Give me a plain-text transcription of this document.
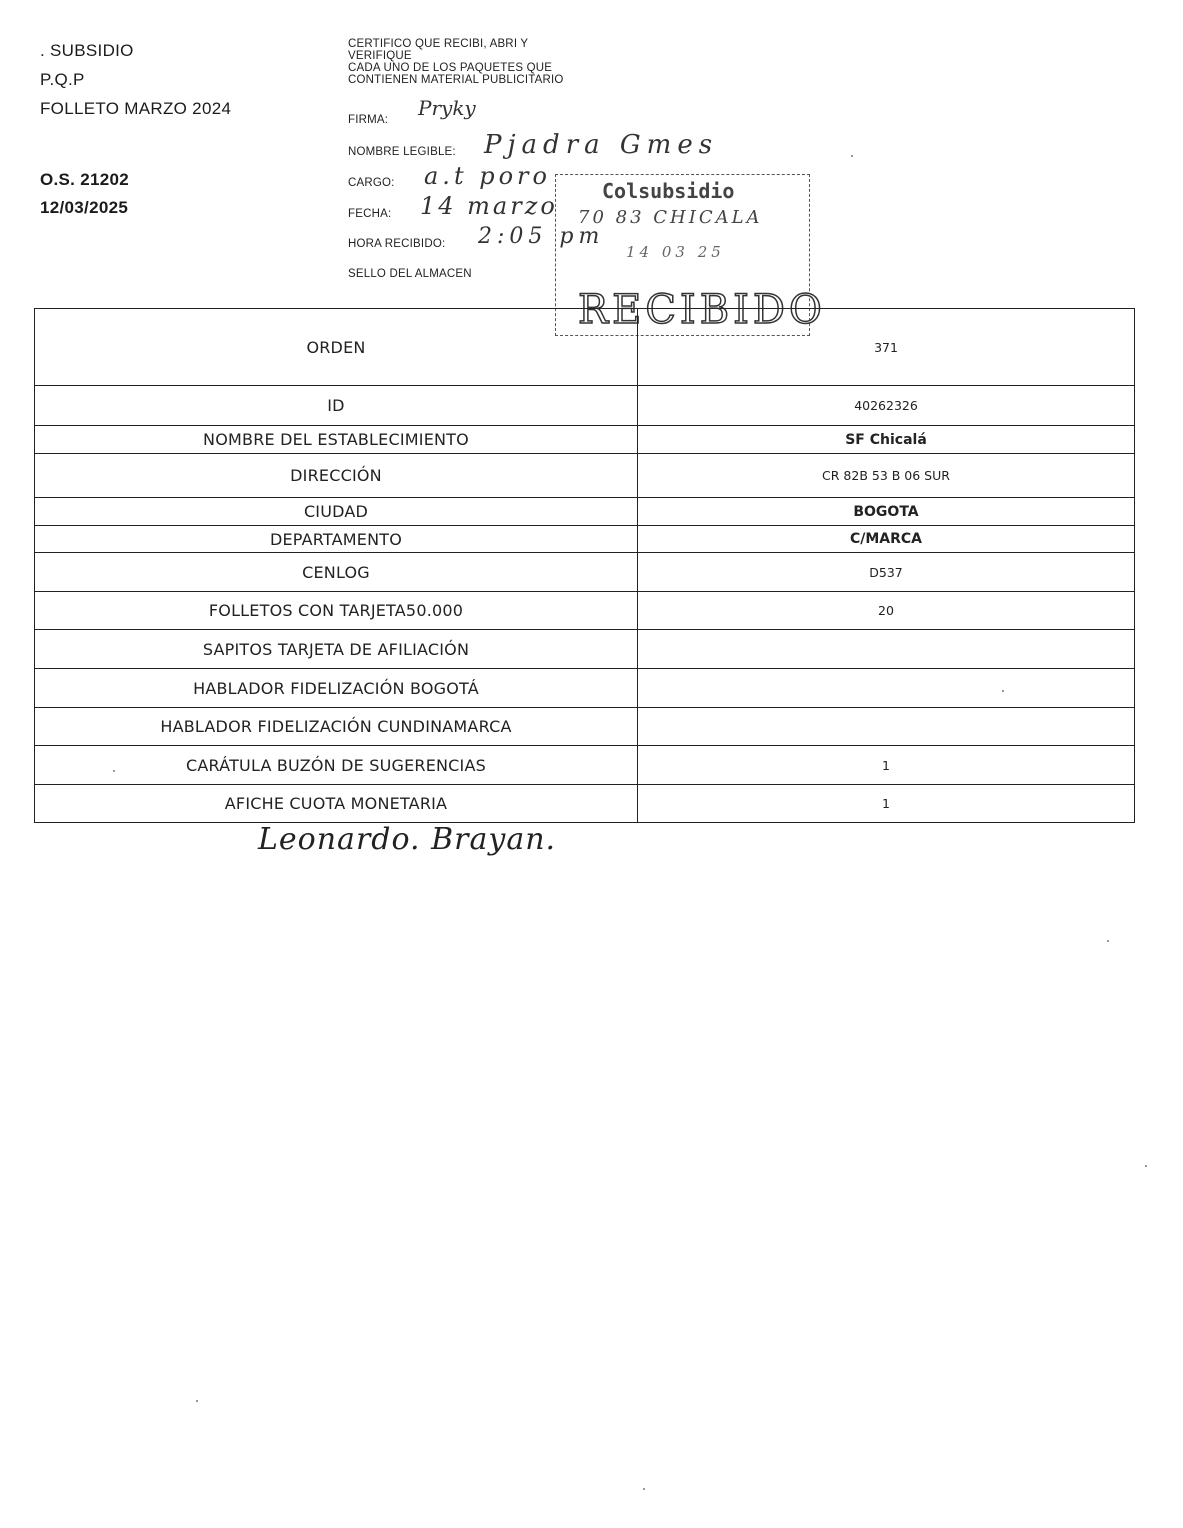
. SUBSIDIO
P.Q.P
FOLLETO MARZO 2024
O.S. 21202
12/03/2025
CERTIFICO QUE RECIBI, ABRI Y
VERIFIQUE
CADA UNO DE LOS PAQUETES QUE
CONTIENEN MATERIAL PUBLICITARIO
FIRMA: Pryky
NOMBRE LEGIBLE: Pjadra Gmes
CARGO: a.t poro
FECHA: 14 marzo
HORA RECIBIDO: 2:05 pm
SELLO DEL ALMACEN
Colsubsidio
70 83 CHICALA
14 03 25
RECIBIDO
ORDEN	371
ID	40262326
NOMBRE DEL ESTABLECIMIENTO	SF Chicalá
DIRECCIÓN	CR 82B 53 B 06 SUR
CIUDAD	BOGOTA
DEPARTAMENTO	C/MARCA
CENLOG	D537
FOLLETOS CON TARJETA50.000	20
SAPITOS TARJETA DE AFILIACIÓN	
HABLADOR FIDELIZACIÓN BOGOTÁ	
HABLADOR FIDELIZACIÓN CUNDINAMARCA	
CARÁTULA BUZÓN DE SUGERENCIAS	1
AFICHE CUOTA MONETARIA	1
Leonardo. Brayan.
